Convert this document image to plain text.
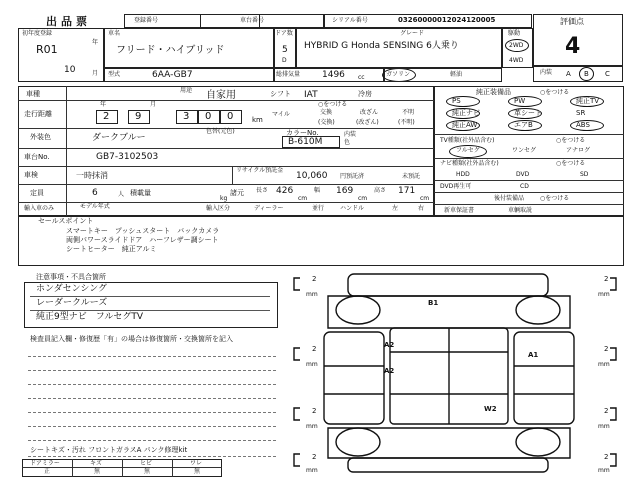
出品票	登録番号	車台番号	シリアル番号	03260000012024120005	評価点
4
初年度登録
R01
年
10	月
車名
フリード・ハイブリッド
ドア数
5
D
グレード
HYBRID G Honda SENSING 6人乗り
駆動
2WD
4WD
型式	6AA-GB7	総排気量 1496 cc	ガソリン	軽油	内装 A B C
車種	用途 自家用	シフト IAT	冷房
走行距離
年	月
2	9	3 0 0	km
○をつける
マイル	交換
(交換)
改ざん
(改ざん)
不明
(不明)
外装色	ダークブルー
色替(元色)	カラーNo.
B-610M
内装色
車台No.	GB7-3102503
車検	一時抹消
リサイクル預託金
10,060 円預託済	未預託
定員	6	人 積載量
kg
諸元 長さ 426
cm
幅 169
cm
高さ 171
cm
輸入車のみ	モデル年式	輸入区分	ディーラー	並行	ハンドル	左	右
純正装備品	○をつける
PS	PW	純正TV
純正ナビ	革シート	SR
純正AW	エアB	ABS
TV種類(社外品含む)	○をつける
フルセグ	ワンセグ	アナログ
ナビ種類(社外品含む)	○をつける
HDD	DVD	SD
DVD再生可	CD
後付装備品	○をつける
新車保証書	車輌取説
セールスポイント
スマートキー　プッシュスタート　バックカメラ
両側パワースライドドア　ハーフレザー調シート
シートヒーター　純正アルミ
注意事項・不具合箇所
ホンダセンシング
レーダークルーズ
純正9型ナビ　フルセグTV
検査員記入欄・修復歴「有」の場合は修復箇所・交換箇所を記入
シートキズ・汚れ フロントガラスA パンク修理kit
ドアミラー	キズ	ヒビ	ワレ
正	無	無	無
B1
A2
A2
A1
W2
2
mm
2
mm
2
mm
2
mm
2
mm
2
mm
2
mm
2
mm
